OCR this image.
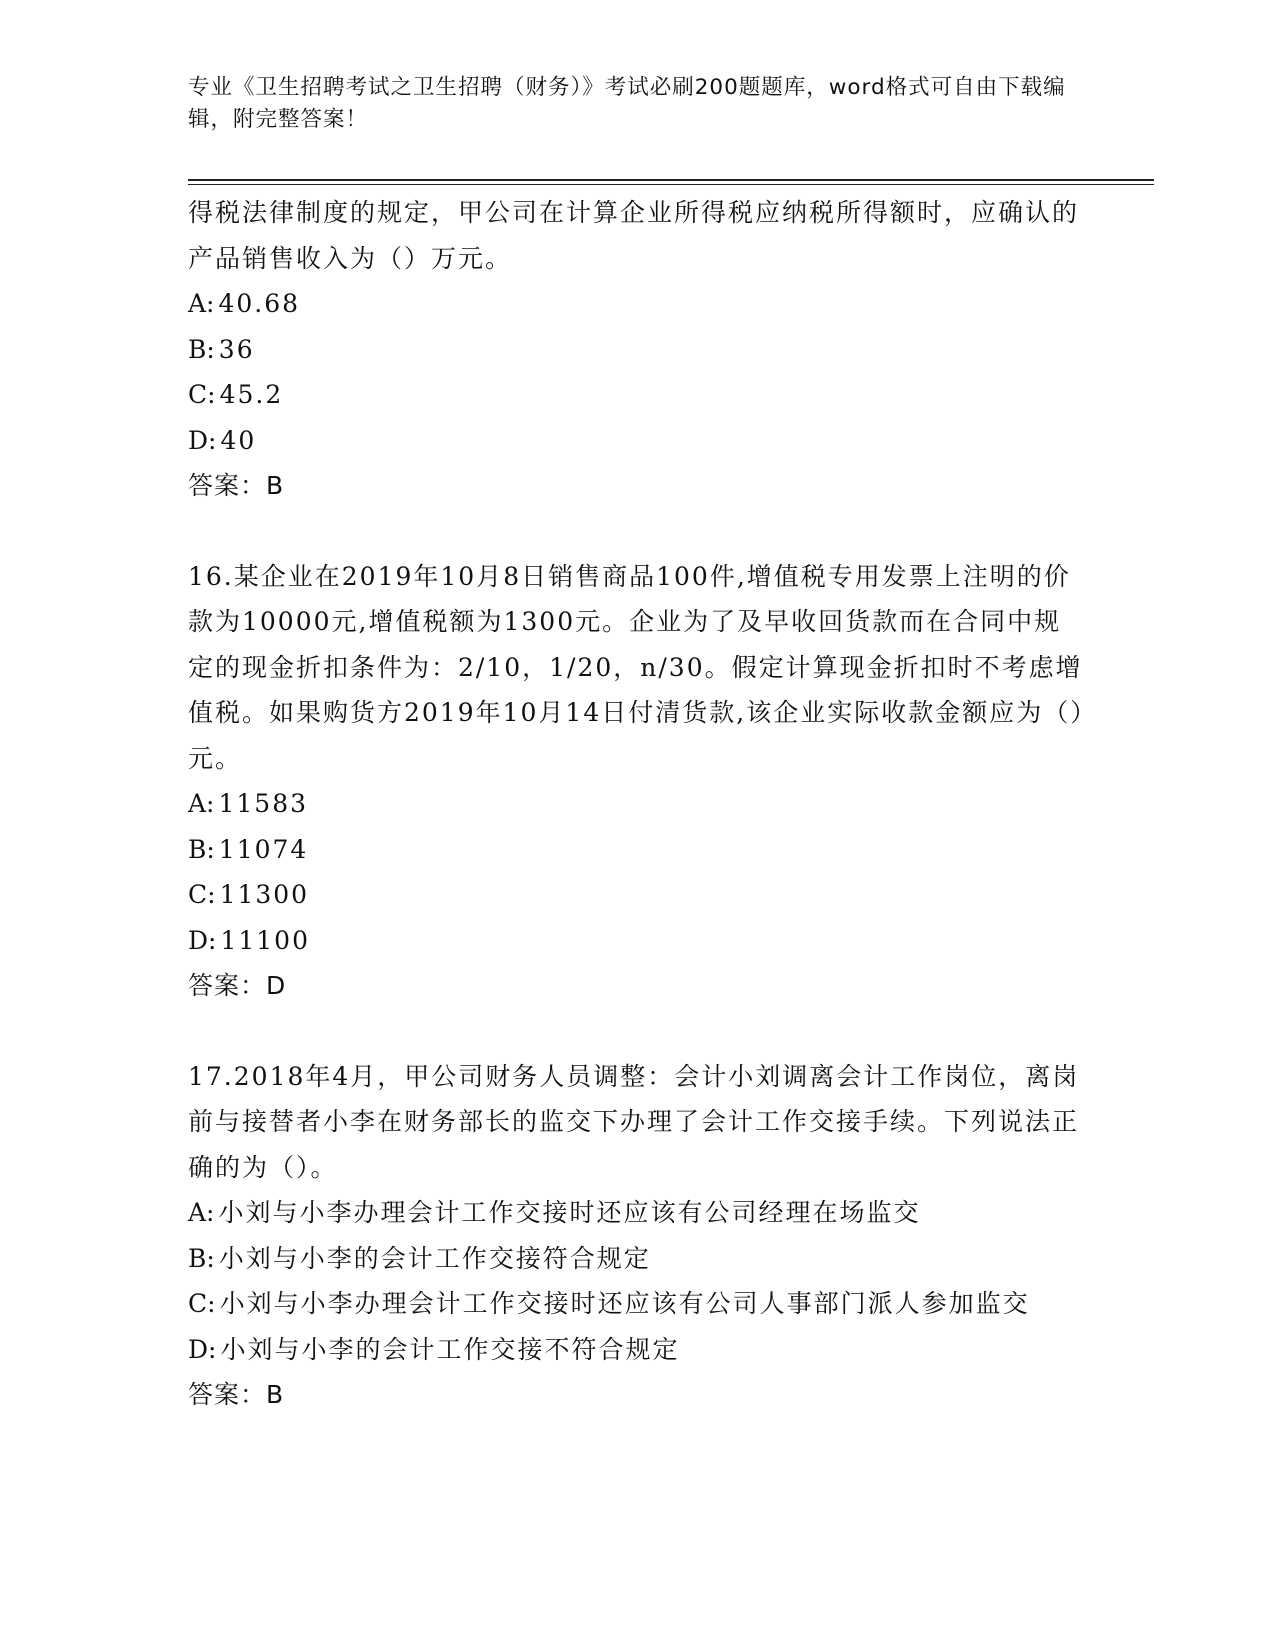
专业《卫生招聘考试之卫生招聘（财务）》考试必刷200题题库，word格式可自由下载编辑，附完整答案！

得税法律制度的规定，甲公司在计算企业所得税应纳税所得额时，应确认的产品销售收入为（）万元。

A: 40.68

B: 36

C: 45.2

D: 40

答案：B

16.某企业在2019年10月8日销售商品100件,增值税专用发票上注明的价款为10000元,增值税额为1300元。企业为了及早收回货款而在合同中规定的现金折扣条件为：2/10，1/20，n/30。假定计算现金折扣时不考虑增值税。如果购货方2019年10月14日付清货款,该企业实际收款金额应为（）元。

A: 11583

B: 11074

C: 11300

D: 11100

答案：D

17.2018年4月，甲公司财务人员调整：会计小刘调离会计工作岗位，离岗前与接替者小李在财务部长的监交下办理了会计工作交接手续。下列说法正确的为（）。

A: 小刘与小李办理会计工作交接时还应该有公司经理在场监交

B: 小刘与小李的会计工作交接符合规定

C: 小刘与小李办理会计工作交接时还应该有公司人事部门派人参加监交

D: 小刘与小李的会计工作交接不符合规定

答案：B
